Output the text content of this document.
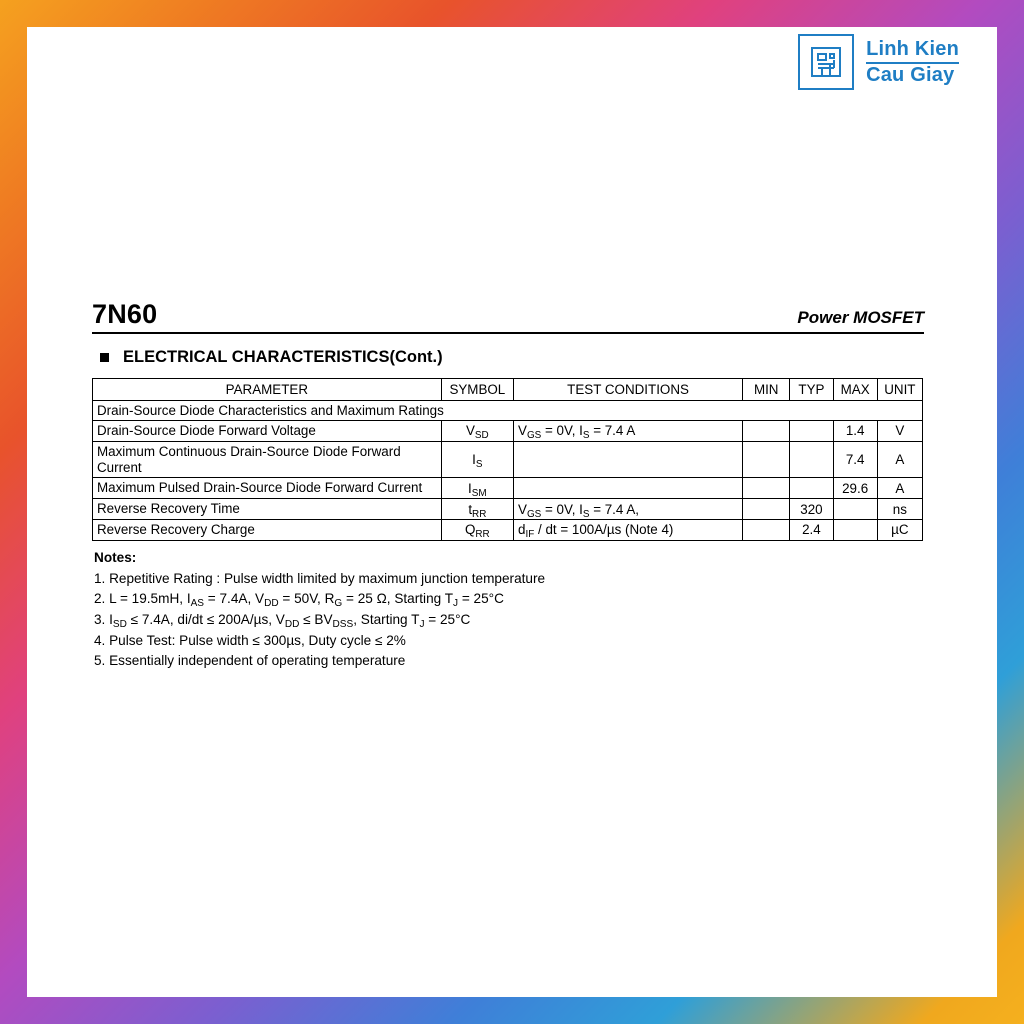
Linh Kien
Cau Giay
7N60	Power MOSFET
ELECTRICAL CHARACTERISTICS(Cont.)
PARAMETER	SYMBOL	TEST CONDITIONS	MIN	TYP	MAX	UNIT
Drain-Source Diode Characteristics and Maximum Ratings						
Drain-Source Diode Forward Voltage	$V_{SD}$	$V_{GS} = 0V$, $I_S = 7.4$ A			1.4	V
Maximum Continuous Drain-Source Diode Forward Current	$I_S$				7.4	A
Maximum Pulsed Drain-Source Diode Forward Current	$I_{SM}$				29.6	A
Reverse Recovery Time	$t_{RR}$	$V_{GS} = 0V$, $I_S = 7.4$ A,		320		ns
Reverse Recovery Charge	$Q_{RR}$	$d_{IF}$ / dt = 100A/µs (Note 4)		2.4		µC
Notes:
1. Repetitive Rating : Pulse width limited by maximum junction temperature
2. L = 19.5mH, $I_{AS} = 7.4A$, $V_{DD} = 50V$, $R_G = 25$ Ω, Starting $T_J = 25^\circ C$
3. $I_{SD} \le 7.4A$, di/dt ≤ 200A/µs, $V_{DD} \le BV_{DSS}$, Starting $T_J = 25^\circ C$
4. Pulse Test: Pulse width ≤ 300µs, Duty cycle ≤ 2%
5. Essentially independent of operating temperature
